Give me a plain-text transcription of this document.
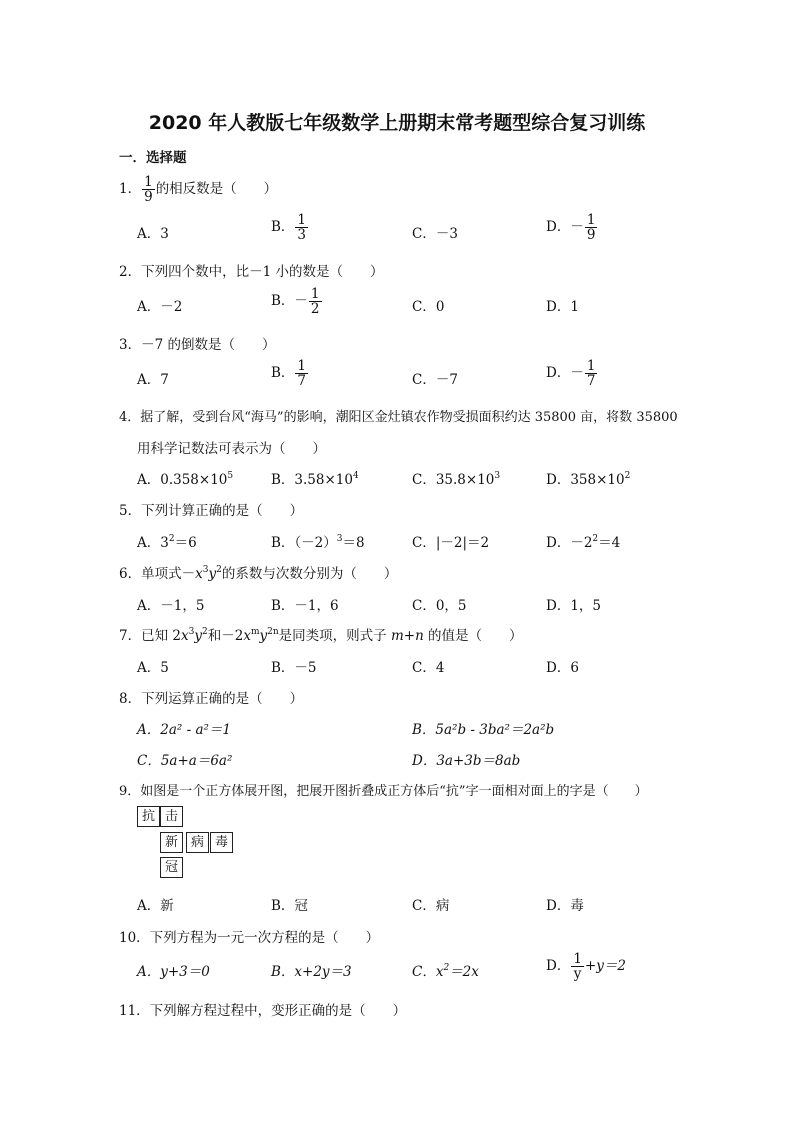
2020 年人教版七年级数学上册期末常考题型综合复习训练
一．选择题
1． $\frac{1}{9}$ 的相反数是（　　）
A．3	B． $\frac{1}{3}$	C．－3	D．－ $\frac{1}{9}$
2．下列四个数中，比－1 小的数是（　　）
A．－2	B．－ $\frac{1}{2}$	C．0	D．1
3．－7 的倒数是（　　）
A．7	B． $\frac{1}{7}$	C．－7	D．－ $\frac{1}{7}$
4．据了解，受到台风“海马”的影响，潮阳区金灶镇农作物受损面积约达 35800 亩，将数 35800
用科学记数法可表示为（　　）
A．$0.358\times 10^5$	B．$3.58\times 10^4$	C．$35.8\times 10^3$	D．$358\times 10^2$
5．下列计算正确的是（　　）
A．$3^2=6$	B．$(-2)^3=8$	C．|－2|＝2	D．$-2^2=4$
6．单项式$-x^3y^2$的系数与次数分别为（　　）
A．－1，5	B．－1，6	C．0，5	D．1，5
7．已知 $2x^3y^2$和$-2x^my^{2n}$是同类项，则式子 m+n 的值是（　　）
A．5	B．－5	C．4	D．6
8．下列运算正确的是（　　）
A．2a² - a²＝1	B．5a²b - 3ba²＝2a²b
C．5a+a＝6a²	D．3a+3b＝8ab
9．如图是一个正方体展开图，把展开图折叠成正方体后“抗”字一面相对面上的字是（　　）
抗 击
新 病 毒
冠
A．新	B．冠	C．病	D．毒
10．下列方程为一元一次方程的是（　　）
A．y+3＝0	B．x+2y＝3	C．$x^2=2x$	D． $\frac{1}{y} +y=2$
11．下列解方程过程中，变形正确的是（　　）
